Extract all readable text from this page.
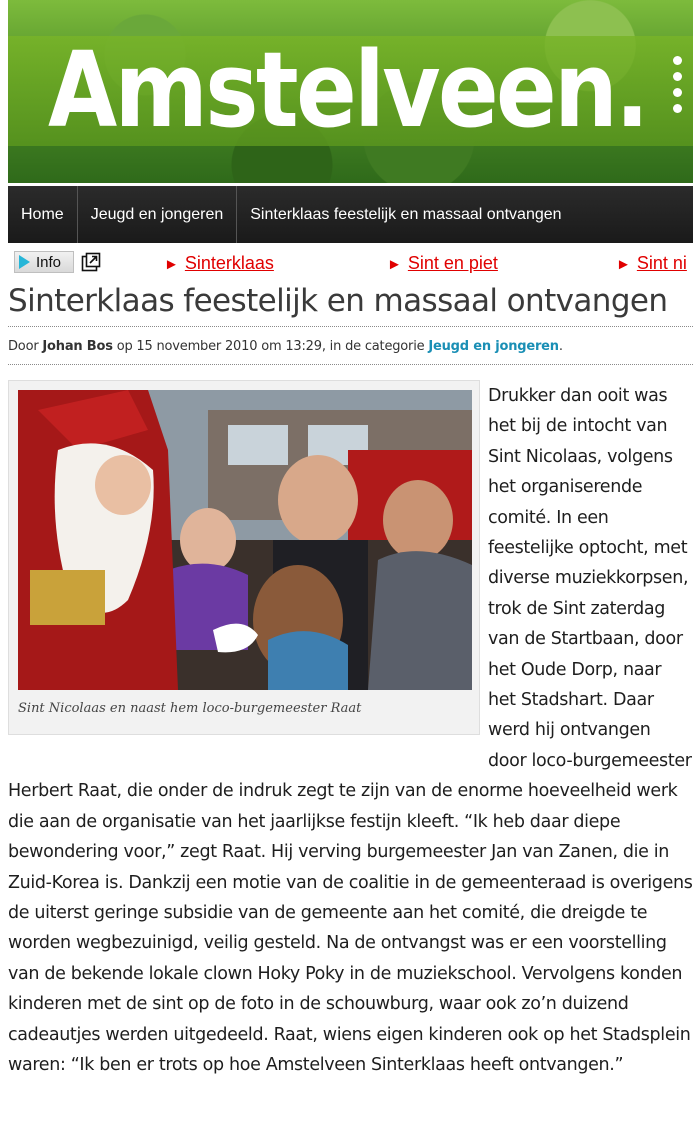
Amstelveen.
Home	Jeugd en jongeren	Sinterklaas feestelijk en massaal ontvangen
Info	► Sinterklaas	► Sint en piet	► Sint ni
Sinterklaas feestelijk en massaal ontvangen
Door Johan Bos op 15 november 2010 om 13:29, in de categorie Jeugd en jongeren.
Sint Nicolaas en naast hem loco-burgemeester Raat
Drukker dan ooit was het bij de intocht van Sint Nicolaas, volgens het organiserende comité. In een feestelijke optocht, met diverse muziekkorpsen, trok de Sint zaterdag van de Startbaan, door het Oude Dorp, naar het Stadshart. Daar werd hij ontvangen door loco-burgemeester Herbert Raat, die onder de indruk zegt te zijn van de enorme hoeveelheid werk die aan de organisatie van het jaarlijkse festijn kleeft. “Ik heb daar diepe bewondering voor,” zegt Raat. Hij verving burgemeester Jan van Zanen, die in Zuid-Korea is. Dankzij een motie van de coalitie in de gemeenteraad is overigens de uiterst geringe subsidie van de gemeente aan het comité, die dreigde te worden wegbezuinigd, veilig gesteld. Na de ontvangst was er een voorstelling van de bekende lokale clown Hoky Poky in de muziekschool. Vervolgens konden kinderen met de sint op de foto in de schouwburg, waar ook zo’n duizend cadeautjes werden uitgedeeld. Raat, wiens eigen kinderen ook op het Stadsplein waren: “Ik ben er trots op hoe Amstelveen Sinterklaas heeft ontvangen.”
